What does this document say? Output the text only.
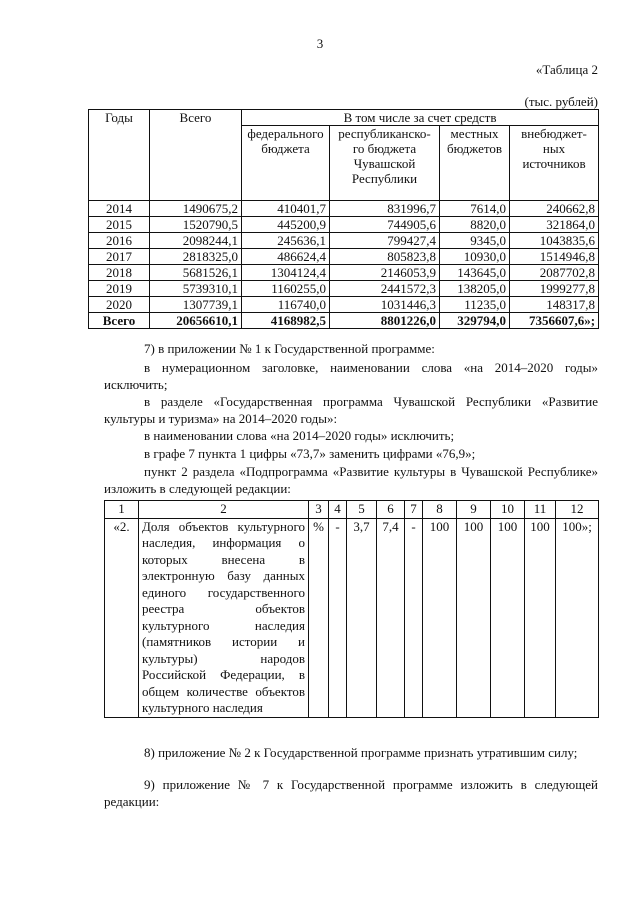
3
«Таблица 2
(тыс. рублей)
Годы	Всего	В том числе за счет средств			
		федерального бюджета	республиканско-го бюджета Чувашской Республики	местных бюджетов	внебюджет-ных источников
2014	1490675,2	410401,7	831996,7	7614,0	240662,8
2015	1520790,5	445200,9	744905,6	8820,0	321864,0
2016	2098244,1	245636,1	799427,4	9345,0	1043835,6
2017	2818325,0	486624,4	805823,8	10930,0	1514946,8
2018	5681526,1	1304124,4	2146053,9	143645,0	2087702,8
2019	5739310,1	1160255,0	2441572,3	138205,0	1999277,8
2020	1307739,1	116740,0	1031446,3	11235,0	148317,8
Всего	20656610,1	4168982,5	8801226,0	329794,0	7356607,6»;
7) в приложении № 1 к Государственной программе:
в нумерационном заголовке, наименовании слова «на 2014–2020 годы» исключить;
в разделе «Государственная программа Чувашской Республики «Развитие культуры и туризма» на 2014–2020 годы»:
в наименовании слова «на 2014–2020 годы» исключить;
в графе 7 пункта 1 цифры «73,7» заменить цифрами «76,9»;
пункт 2 раздела «Подпрограмма «Развитие культуры в Чувашской Республике» изложить в следующей редакции:
1	2	3	4	5	6	7	8	9	10	11	12
«2.	Доля объектов культурного наследия, информация о которых внесена в электронную базу данных единого государственного реестра объектов культурного наследия (памятников истории и культуры) народов Российской Федерации, в общем количестве объектов культурного наследия	%	-	3,7	7,4	-	100	100	100	100	100»;
8) приложение № 2 к Государственной программе признать утратившим силу;
9) приложение № 7 к Государственной программе изложить в следующей редакции:
